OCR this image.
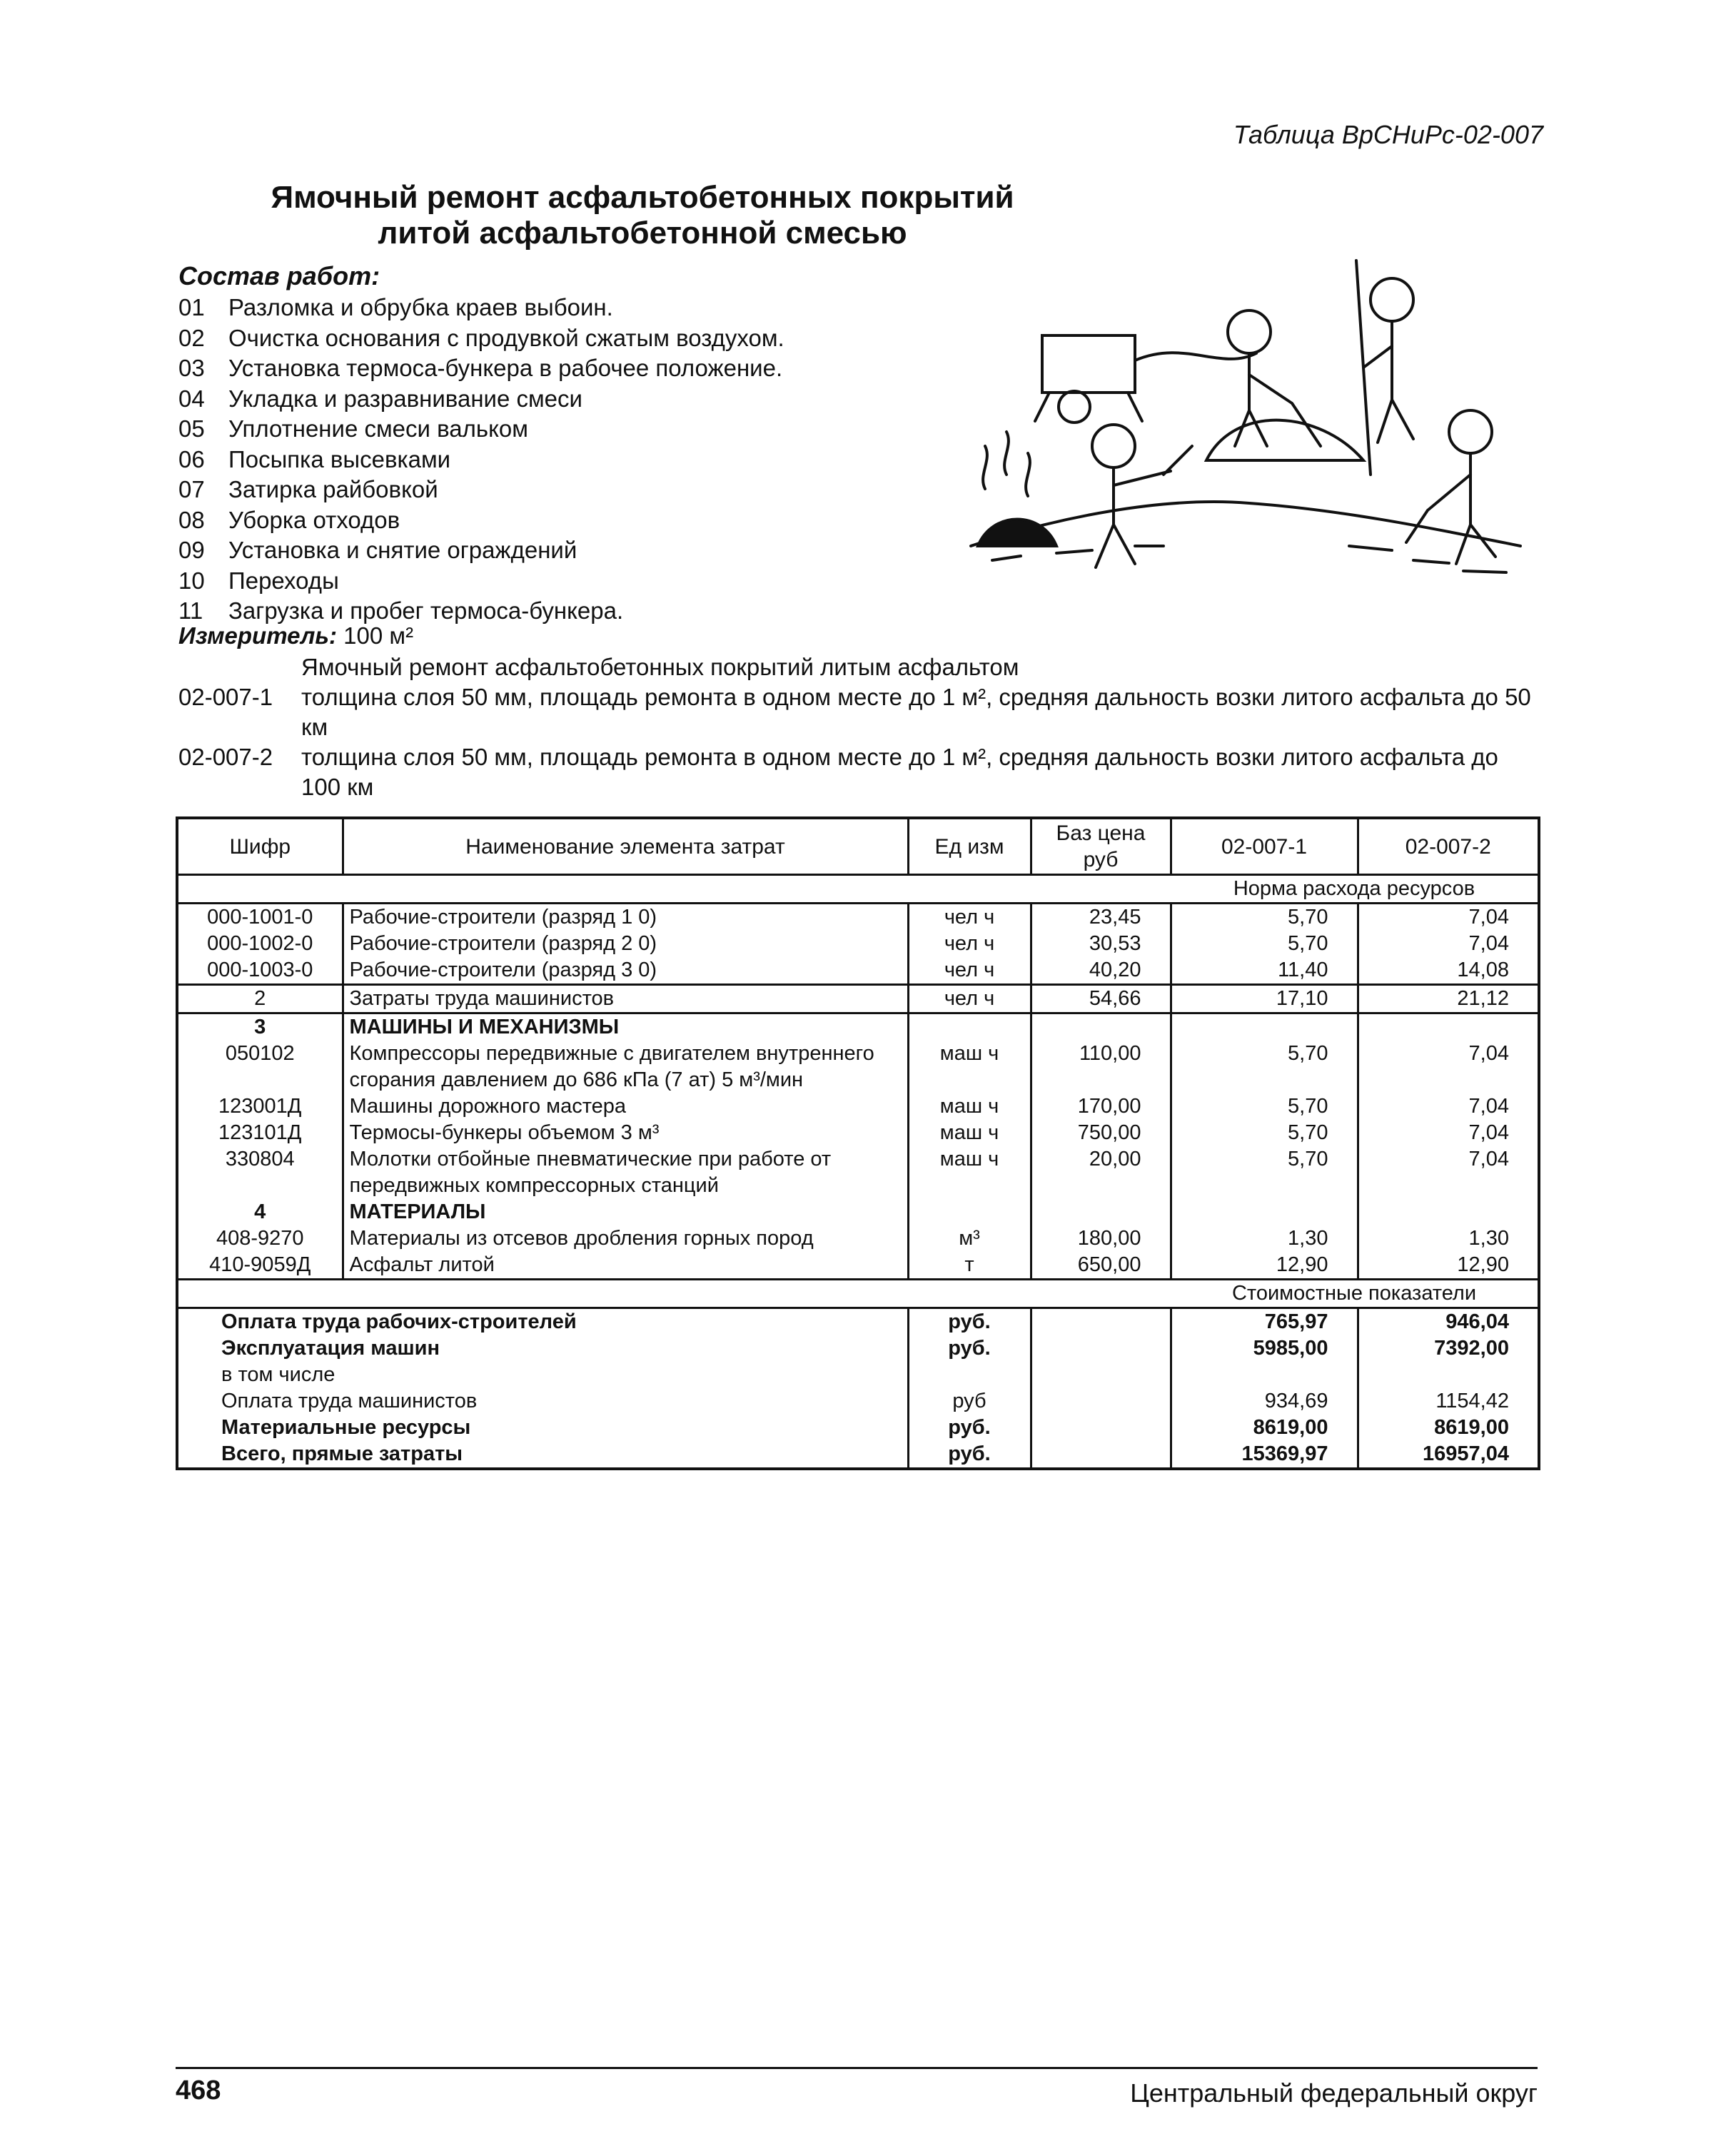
Таблица ВрСНиРс-02-007
Ямочный ремонт асфальтобетонных покрытий
литой асфальтобетонной смесью
Состав работ:
01 Разломка и обрубка краев выбоин.
02 Очистка основания с продувкой сжатым воздухом.
03 Установка термоса-бункера в рабочее положение.
04 Укладка и разравнивание смеси
05 Уплотнение смеси вальком
06 Посыпка высевками
07 Затирка райбовкой
08 Уборка отходов
09 Установка и снятие ограждений
10 Переходы
11 Загрузка и пробег термоса-бункера.
Измеритель: 100 м²
Ямочный ремонт асфальтобетонных покрытий литым асфальтом
02-007-1 толщина слоя 50 мм, площадь ремонта в одном месте до 1 м², средняя дальность возки литого асфальта до 50 км
02-007-2 толщина слоя 50 мм, площадь ремонта в одном месте до 1 м², средняя дальность возки литого асфальта до 100 км
Шифр	Наименование элемента затрат	Ед изм	Баз цена руб	02-007-1	02-007-2
				Норма расхода ресурсов	
000-1001-0	Рабочие-строители (разряд 1 0)	чел ч	23,45	5,70	7,04
000-1002-0	Рабочие-строители (разряд 2 0)	чел ч	30,53	5,70	7,04
000-1003-0	Рабочие-строители (разряд 3 0)	чел ч	40,20	11,40	14,08
2	Затраты труда машинистов	чел ч	54,66	17,10	21,12
3	МАШИНЫ И МЕХАНИЗМЫ				
050102	Компрессоры передвижные с двигателем внутреннего сгорания давлением до 686 кПа (7 ат) 5 м³/мин	маш ч	110,00	5,70	7,04
123001Д	Машины дорожного мастера	маш ч	170,00	5,70	7,04
123101Д	Термосы-бункеры объемом 3 м³	маш ч	750,00	5,70	7,04
330804	Молотки отбойные пневматические при работе от передвижных компрессорных станций	маш ч	20,00	5,70	7,04
4	МАТЕРИАЛЫ				
408-9270	Материалы из отсевов дробления горных пород	м³	180,00	1,30	1,30
410-9059Д	Асфальт литой	т	650,00	12,90	12,90
				Стоимостные показатели	
Оплата труда рабочих-строителей		руб.		765,97	946,04
Эксплуатация машин		руб.		5985,00	7392,00
в том числе					
Оплата труда машинистов		руб		934,69	1154,42
Материальные ресурсы		руб.		8619,00	8619,00
Всего, прямые затраты		руб.		15369,97	16957,04
468	Центральный федеральный округ
